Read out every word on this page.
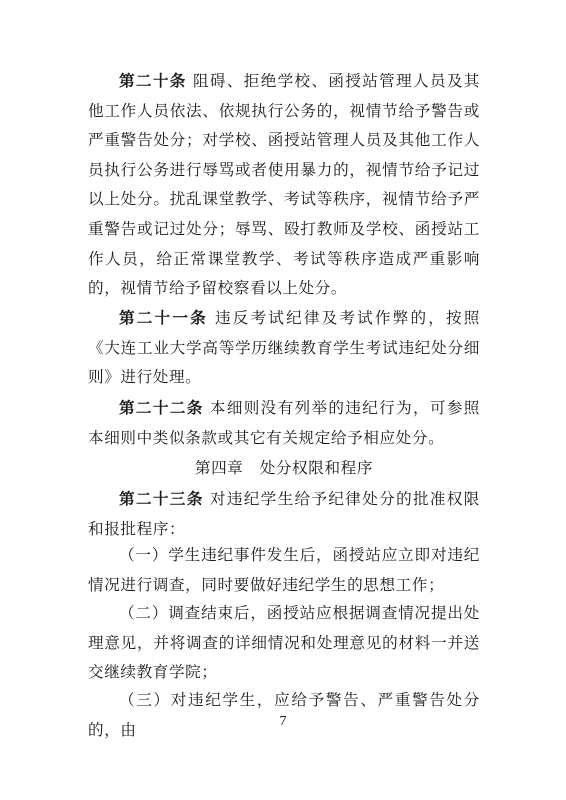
第二十条 阻碍、拒绝学校、函授站管理人员及其他工作人员依法、依规执行公务的，视情节给予警告或严重警告处分；对学校、函授站管理人员及其他工作人员执行公务进行辱骂或者使用暴力的，视情节给予记过以上处分。扰乱课堂教学、考试等秩序，视情节给予严重警告或记过处分；辱骂、殴打教师及学校、函授站工作人员，给正常课堂教学、考试等秩序造成严重影响的，视情节给予留校察看以上处分。

第二十一条 违反考试纪律及考试作弊的，按照《大连工业大学高等学历继续教育学生考试违纪处分细则》进行处理。

第二十二条 本细则没有列举的违纪行为，可参照本细则中类似条款或其它有关规定给予相应处分。

第四章　处分权限和程序

第二十三条 对违纪学生给予纪律处分的批准权限和报批程序：

（一）学生违纪事件发生后，函授站应立即对违纪情况进行调查，同时要做好违纪学生的思想工作；

（二）调查结束后，函授站应根据调查情况提出处理意见，并将调查的详细情况和处理意见的材料一并送交继续教育学院；

（三）对违纪学生，应给予警告、严重警告处分的，由	7
